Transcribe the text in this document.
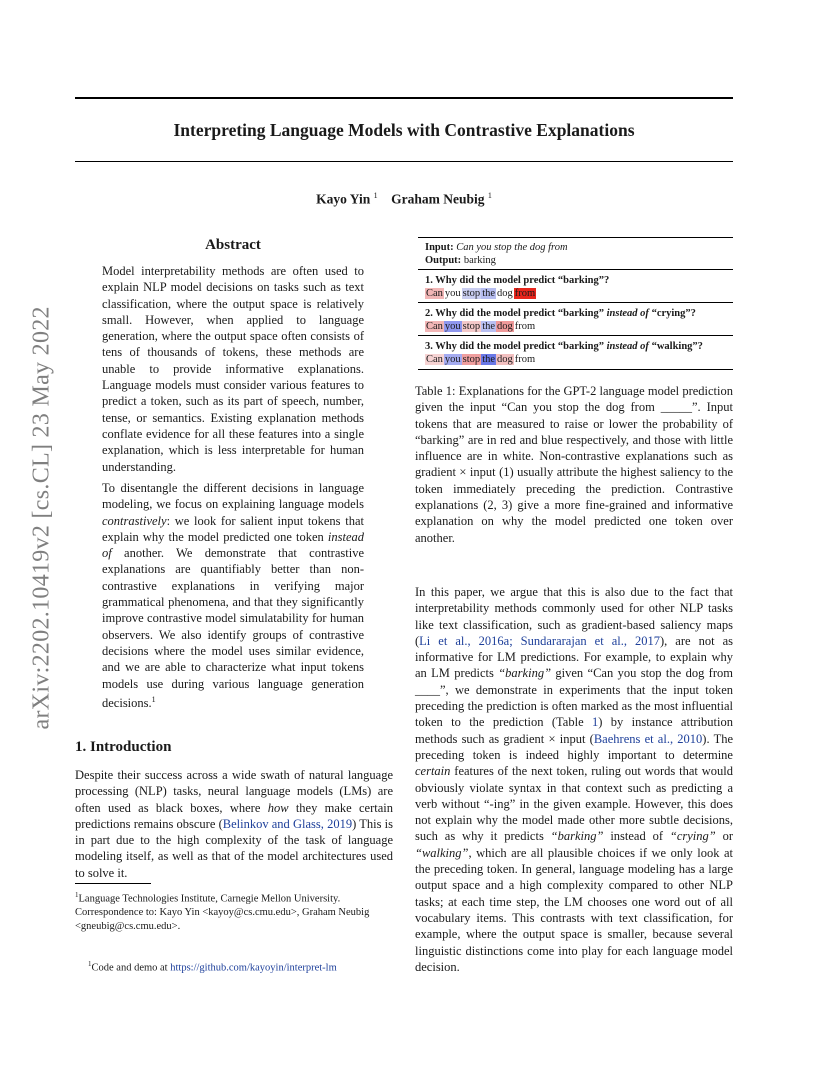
Interpreting Language Models with Contrastive Explanations
Kayo Yin $^1$ Graham Neubig $^1$
arXiv:2202.10419v2 [cs.CL] 23 May 2022
Abstract
Model interpretability methods are often used to explain NLP model decisions on tasks such as text classification, where the output space is relatively small. However, when applied to language generation, where the output space often consists of tens of thousands of tokens, these methods are unable to provide informative explanations. Language models must consider various features to predict a token, such as its part of speech, number, tense, or semantics. Existing explanation methods conflate evidence for all these features into a single explanation, which is less interpretable for human understanding.
To disentangle the different decisions in language modeling, we focus on explaining language models contrastively: we look for salient input tokens that explain why the model predicted one token instead of another. We demonstrate that contrastive explanations are quantifiably better than non-contrastive explanations in verifying major grammatical phenomena, and that they significantly improve contrastive model simulatability for human observers. We also identify groups of contrastive decisions where the model uses similar evidence, and we are able to characterize what input tokens models use during various language generation decisions.$^1$
1. Introduction
Despite their success across a wide swath of natural language processing (NLP) tasks, neural language models (LMs) are often used as black boxes, where how they make certain predictions remains obscure (Belinkov and Glass, 2019) This is in part due to the high complexity of the task of language modeling itself, as well as that of the model architectures used to solve it.
$^1$Language Technologies Institute, Carnegie Mellon University. Correspondence to: Kayo Yin <kayoy@cs.cmu.edu>, Graham Neubig <gneubig@cs.cmu.edu>.
$^1$Code and demo at https://github.com/kayoyin/interpret-lm
Input: Can you stop the dog from
Output: barking
1. Why did the model predict “barking”?
Can you stop the dog from
2. Why did the model predict “barking” instead of “crying”?
Can you stop the dog from
3. Why did the model predict “barking” instead of “walking”?
Can you stop the dog from
Table 1: Explanations for the GPT-2 language model prediction given the input “Can you stop the dog from _____”. Input tokens that are measured to raise or lower the probability of “barking” are in red and blue respectively, and those with little influence are in white. Non-contrastive explanations such as gradient × input (1) usually attribute the highest saliency to the token immediately preceding the prediction. Contrastive explanations (2, 3) give a more fine-grained and informative explanation on why the model predicted one token over another.
In this paper, we argue that this is also due to the fact that interpretability methods commonly used for other NLP tasks like text classification, such as gradient-based saliency maps (Li et al., 2016a; Sundararajan et al., 2017), are not as informative for LM predictions. For example, to explain why an LM predicts “barking” given “Can you stop the dog from ____”, we demonstrate in experiments that the input token preceding the prediction is often marked as the most influential token to the prediction (Table 1) by instance attribution methods such as gradient × input (Baehrens et al., 2010). The preceding token is indeed highly important to determine certain features of the next token, ruling out words that would obviously violate syntax in that context such as predicting a verb without “-ing” in the given example. However, this does not explain why the model made other more subtle decisions, such as why it predicts “barking” instead of “crying” or “walking”, which are all plausible choices if we only look at the preceding token. In general, language modeling has a large output space and a high complexity compared to other NLP tasks; at each time step, the LM chooses one word out of all vocabulary items. This contrasts with text classification, for example, where the output space is smaller, because several linguistic distinctions come into play for each language model decision.
